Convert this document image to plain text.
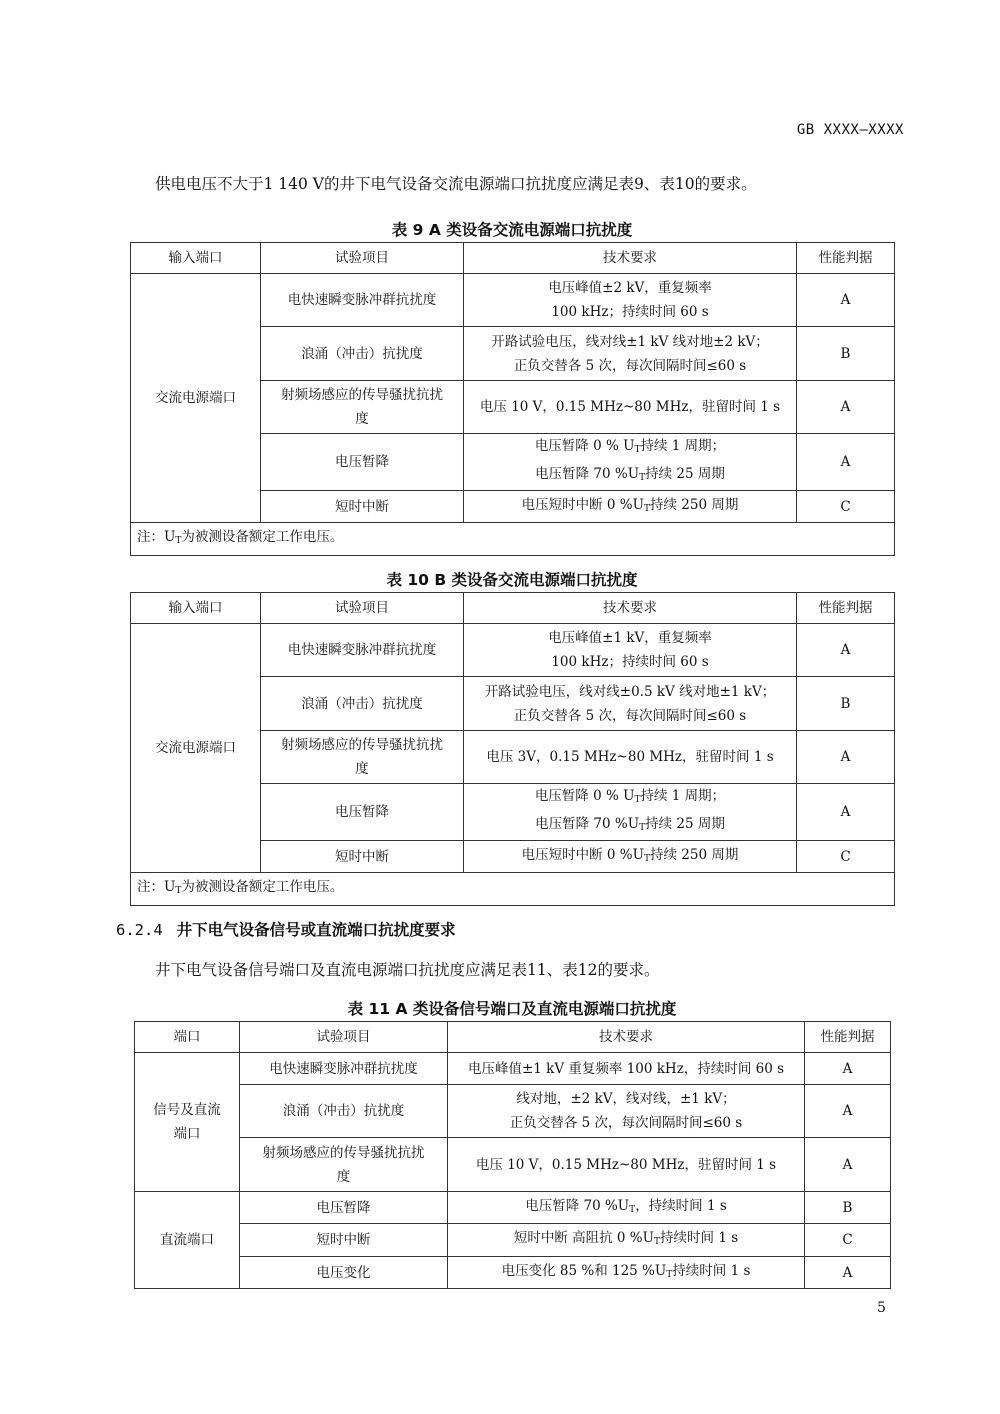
GB XXXX—XXXX
供电电压不大于1 140 V的井下电气设备交流电源端口抗扰度应满足表9、表10的要求。
表 9 A 类设备交流电源端口抗扰度
输入端口	试验项目	技术要求	性能判据
交流电源端口	电快速瞬变脉冲群抗扰度	电压峰值±2 kV，重复频率
100 kHz；持续时间 60 s	A
	浪涌（冲击）抗扰度	开路试验电压，线对线±1 kV 线对地±2 kV；
正负交替各 5 次，每次间隔时间≤60 s	B
	射频场感应的传导骚扰抗扰
度	电压 10 V，0.15 MHz~80 MHz，驻留时间 1 s	A
	电压暂降	电压暂降 0 % $U_T$持续 1 周期；
电压暂降 70 $\%U_T$持续 25 周期	A
	短时中断	电压短时中断 0 $\%U_T$持续 250 周期	C
注：$U_T$为被测设备额定工作电压。			
表 10 B 类设备交流电源端口抗扰度
输入端口	试验项目	技术要求	性能判据
交流电源端口	电快速瞬变脉冲群抗扰度	电压峰值±1 kV，重复频率
100 kHz；持续时间 60 s	A
	浪涌（冲击）抗扰度	开路试验电压，线对线±0.5 kV 线对地±1 kV；
正负交替各 5 次，每次间隔时间≤60 s	B
	射频场感应的传导骚扰抗扰
度	电压 3V，0.15 MHz~80 MHz，驻留时间 1 s	A
	电压暂降	电压暂降 0 % $U_T$持续 1 周期；
电压暂降 70 $\%U_T$持续 25 周期	A
	短时中断	电压短时中断 0 $\%U_T$持续 250 周期	C
注：$U_T$为被测设备额定工作电压。			
6.2.4 井下电气设备信号或直流端口抗扰度要求
井下电气设备信号端口及直流电源端口抗扰度应满足表11、表12的要求。
表 11 A 类设备信号端口及直流电源端口抗扰度
端口	试验项目	技术要求	性能判据
信号及直流
端口	电快速瞬变脉冲群抗扰度	电压峰值±1 kV 重复频率 100 kHz，持续时间 60 s	A
	浪涌（冲击）抗扰度	线对地，±2 kV，线对线，±1 kV；
正负交替各 5 次，每次间隔时间≤60 s	A
	射频场感应的传导骚扰抗扰
度	电压 10 V，0.15 MHz~80 MHz，驻留时间 1 s	A
直流端口	电压暂降	电压暂降 70 $\%U_T$，持续时间 1 s	B
	短时中断	短时中断 高阻抗 0 $\%U_T$持续时间 1 s	C
	电压变化	电压变化 85 %和 125 $\%U_T$持续时间 1 s	A
5
